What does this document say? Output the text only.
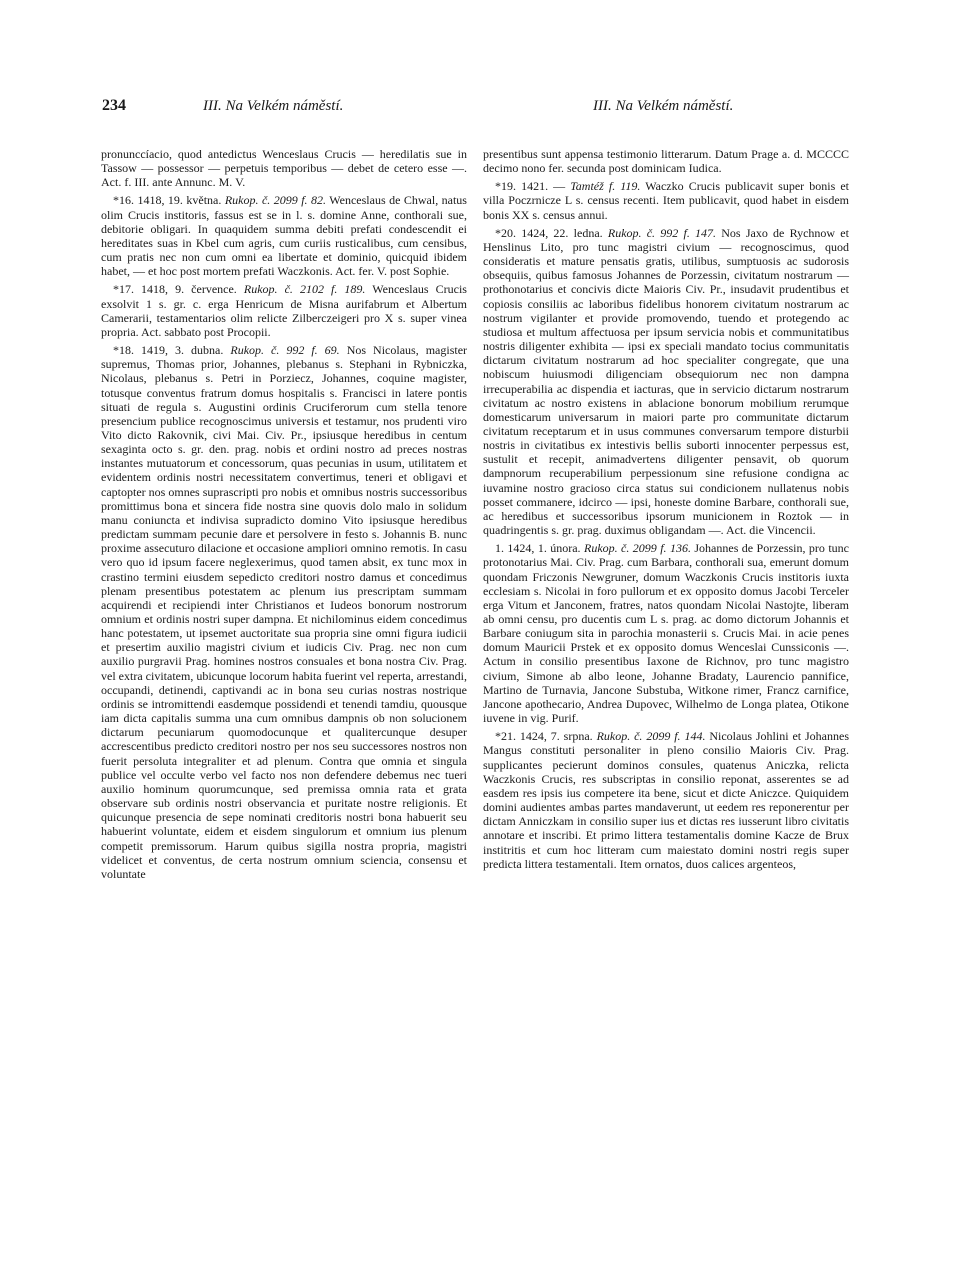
234	III. Na Velkém náměstí.	III. Na Velkém náměstí.

pronunccíacio, quod antedictus Wenceslaus Crucis — heredilatis sue in Tassow — possessor — perpetuis temporibus — debet de cetero esse —. Act. f. III. ante Annunc. M. V.

*16. 1418, 19. května. Rukop. č. 2099 f. 82. Wenceslaus de Chwal, natus olim Crucis institoris, fassus est se in l. s. domine Anne, conthorali sue, debitorie obligari. In quaquidem summa debiti prefati condescendit ei hereditates suas in Kbel cum agris, cum curiis rusticalibus, cum censibus, cum pratis nec non cum omni ea libertate et dominio, quicquid ibidem habet, — et hoc post mortem prefati Waczkonis. Act. fer. V. post Sophie.

*17. 1418, 9. července. Rukop. č. 2102 f. 189. Wenceslaus Crucis exsolvit 1 s. gr. c. erga Henricum de Misna aurifabrum et Albertum Camerarii, testamentarios olim relicte Zilberczeigeri pro X s. super vinea propria. Act. sabbato post Procopii.

*18. 1419, 3. dubna. Rukop. č. 992 f. 69. Nos Nicolaus, magister supremus, Thomas prior, Johannes, plebanus s. Stephani in Rybniczka, Nicolaus, plebanus s. Petri in Porziecz, Johannes, coquine magister, totusque conventus fratrum domus hospitalis s. Francisci in latere pontis situati de regula s. Augustini ordinis Cruciferorum cum stella tenore presencium publice recognoscimus universis et testamur, nos prudenti viro Vito dicto Rakovnik, civi Mai. Civ. Pr., ipsiusque heredibus in centum sexaginta octo s. gr. den. prag. nobis et ordini nostro ad preces nostras instantes mutuatorum et concessorum, quas pecunias in usum, utilitatem et evidentem ordinis nostri necessitatem convertimus, teneri et obligavi et captopter nos omnes suprascripti pro nobis et omnibus nostris successoribus promittimus bona et sincera fide nostra sine quovis dolo malo in solidum manu coniuncta et indivisa supradicto domino Vito ipsiusque heredibus predictam summam pecunie dare et persolvere in festo s. Johannis B. nunc proxime assecuturo dilacione et occasione ampliori omnino remotis. In casu vero quo id ipsum facere neglexerimus, quod tamen absit, ex tunc mox in crastino termini eiusdem sepedicto creditori nostro damus et concedimus plenam presentibus potestatem ac plenum ius prescriptam summam acquirendi et recipiendi inter Christianos et Iudeos bonorum nostrorum omnium et ordinis nostri super dampna. Et nichilominus eidem concedimus hanc potestatem, ut ipsemet auctoritate sua propria sine omni figura iudicii et presertim auxilio magistri civium et iudicis Civ. Prag. nec non cum auxilio purgravii Prag. homines nostros consuales et bona nostra Civ. Prag. vel extra civitatem, ubicunque locorum habita fuerint vel reperta, arrestandi, occupandi, detinendi, captivandi ac in bona seu curias nostras nostrique ordinis se intromittendi easdemque possidendi et tenendi tamdiu, quousque iam dicta capitalis summa una cum omnibus dampnis ob non solucionem dictarum pecuniarum quomodocunque et qualitercunque desuper accrescentibus predicto creditori nostro per nos seu successores nostros non fuerit persoluta integraliter et ad plenum. Contra que omnia et singula publice vel occulte verbo vel facto nos non defendere debemus nec tueri auxilio hominum quorumcunque, sed premissa omnia rata et grata observare sub ordinis nostri observancia et puritate nostre religionis. Et quicunque presencia de sepe nominati creditoris nostri bona habuerit seu habuerint voluntate, eidem et eisdem singulorum et omnium ius plenum competit premissorum. Harum quibus sigilla nostra propria, magistri videlicet et conventus, de certa nostrum omnium sciencia, consensu et voluntate

presentibus sunt appensa testimonio litterarum. Datum Prage a. d. MCCCC decimo nono fer. secunda post dominicam Iudica.

*19. 1421. — Tamtéž f. 119. Waczko Crucis publicavit super bonis et villa Poczrnicze L s. census recenti. Item publicavit, quod habet in eisdem bonis XX s. census annui.

*20. 1424, 22. ledna. Rukop. č. 992 f. 147. Nos Jaxo de Rychnow et Henslinus Lito, pro tunc magistri civium — recognoscimus, quod consideratis et mature pensatis gratis, utilibus, sumptuosis ac sudorosis obsequiis, quibus famosus Johannes de Porzessin, civitatum nostrarum — prothonotarius et concivis dicte Maioris Civ. Pr., insudavit prudentibus et copiosis consiliis ac laboribus fidelibus honorem civitatum nostrarum ac nostrum vigilanter et provide promovendo, tuendo et protegendo ac studiosa et multum affectuosa per ipsum servicia nobis et communitatibus nostris diligenter exhibita — ipsi ex speciali mandato tocius communitatis dictarum civitatum nostrarum ad hoc specialiter congregate, que una nobiscum huiusmodi diligenciam obsequiorum nec non dampna irrecuperabilia ac dispendia et iacturas, que in servicio dictarum nostrarum civitatum ac nostro existens in ablacione bonorum mobilium rerumque domesticarum universarum in maiori parte pro communitate dictarum civitatum receptarum et in usus communes conversarum tempore disturbii nostris in civitatibus ex intestivis bellis suborti innocenter perpessus est, sustulit et recepit, animadvertens diligenter pensavit, ob quorum dampnorum recuperabilium perpessionum sine refusione condigna ac iuvamine nostro gracioso circa status sui condicionem nullatenus nobis posset commanere, idcirco — ipsi, honeste domine Barbare, conthorali sue, ac heredibus et successoribus ipsorum municionem in Roztok — in quadringentis s. gr. prag. duximus obligandam —. Act. die Vincencii.

1. 1424, 1. února. Rukop. č. 2099 f. 136. Johannes de Porzessin, pro tunc protonotarius Mai. Civ. Prag. cum Barbara, conthorali sua, emerunt domum quondam Friczonis Newgruner, domum Waczkonis Crucis institoris iuxta ecclesiam s. Nicolai in foro pullorum et ex opposito domus Jacobi Terceler erga Vitum et Janconem, fratres, natos quondam Nicolai Nastojte, liberam ab omni censu, pro ducentis cum L s. prag. ac domo dictorum Johannis et Barbare coniugum sita in parochia monasterii s. Crucis Mai. in acie penes domum Mauricii Prstek et ex opposito domus Wenceslai Cunssiconis —. Actum in consilio presentibus Iaxone de Richnov, pro tunc magistro civium, Simone ab albo leone, Johanne Bradaty, Laurencio pannifice, Martino de Turnavia, Jancone Substuba, Witkone rimer, Francz carnifice, Jancone apothecario, Andrea Dupovec, Wilhelmo de Longa platea, Otikone iuvene in vig. Purif.

*21. 1424, 7. srpna. Rukop. č. 2099 f. 144. Nicolaus Johlini et Johannes Mangus constituti personaliter in pleno consilio Maioris Civ. Prag. supplicantes pecierunt dominos consules, quatenus Aniczka, relicta Waczkonis Crucis, res subscriptas in consilio reponat, asserentes se ad easdem res ipsis ius competere ita bene, sicut et dicte Aniczce. Quiquidem domini audientes ambas partes mandaverunt, ut eedem res reponerentur per dictam Anniczkam in consilio super ius et dictas res iusserunt libro civitatis annotare et inscribi. Et primo littera testamentalis domine Kacze de Brux institritis et cum hoc litteram cum maiestato domini nostri regis super predicta littera testamentali. Item ornatos, duos calices argenteos,
